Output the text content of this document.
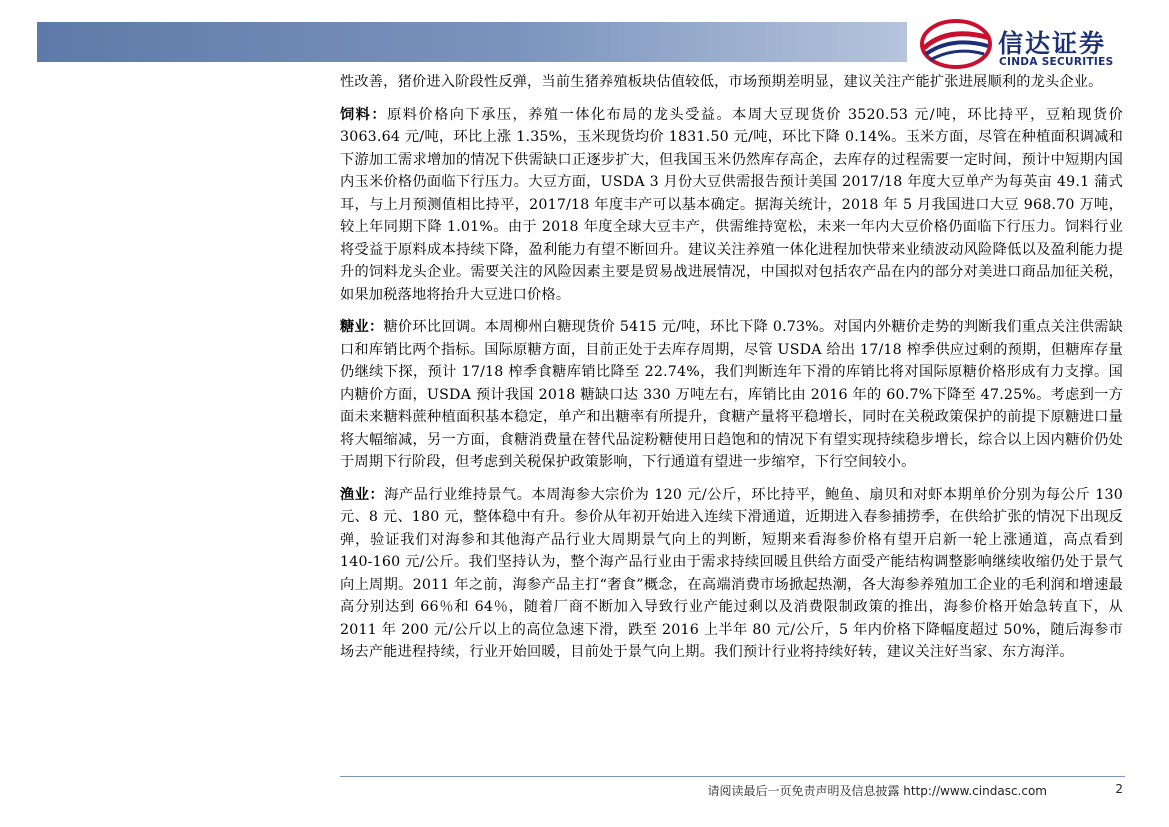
信达证券
CINDA SECURITIES

性改善，猪价进入阶段性反弹，当前生猪养殖板块估值较低，市场预期差明显，建议关注产能扩张进展顺利的龙头企业。

饲料：原料价格向下承压，养殖一体化布局的龙头受益。本周大豆现货价 3520.53 元/吨，环比持平，豆粕现货价 3063.64 元/吨，环比上涨 1.35%，玉米现货均价 1831.50 元/吨，环比下降 0.14%。玉米方面，尽管在种植面积调减和下游加工需求增加的情况下供需缺口正逐步扩大，但我国玉米仍然库存高企，去库存的过程需要一定时间，预计中短期内国内玉米价格仍面临下行压力。大豆方面，USDA 3 月份大豆供需报告预计美国 2017/18 年度大豆单产为每英亩 49.1 蒲式耳，与上月预测值相比持平，2017/18 年度丰产可以基本确定。据海关统计，2018 年 5 月我国进口大豆 968.70 万吨，较上年同期下降 1.01%。由于 2018 年度全球大豆丰产，供需维持宽松，未来一年内大豆价格仍面临下行压力。饲料行业将受益于原料成本持续下降，盈利能力有望不断回升。建议关注养殖一体化进程加快带来业绩波动风险降低以及盈利能力提升的饲料龙头企业。需要关注的风险因素主要是贸易战进展情况，中国拟对包括农产品在内的部分对美进口商品加征关税，如果加税落地将抬升大豆进口价格。

糖业：糖价环比回调。本周柳州白糖现货价 5415 元/吨，环比下降 0.73%。对国内外糖价走势的判断我们重点关注供需缺口和库销比两个指标。国际原糖方面，目前正处于去库存周期，尽管 USDA 给出 17/18 榨季供应过剩的预期，但糖库存量仍继续下探，预计 17/18 榨季食糖库销比降至 22.74%，我们判断连年下滑的库销比将对国际原糖价格形成有力支撑。国内糖价方面，USDA 预计我国 2018 糖缺口达 330 万吨左右，库销比由 2016 年的 60.7%下降至 47.25%。考虑到一方面未来糖料蔗种植面积基本稳定，单产和出糖率有所提升，食糖产量将平稳增长，同时在关税政策保护的前提下原糖进口量将大幅缩减，另一方面，食糖消费量在替代品淀粉糖使用日趋饱和的情况下有望实现持续稳步增长，综合以上因内糖价仍处于周期下行阶段，但考虑到关税保护政策影响，下行通道有望进一步缩窄，下行空间较小。

渔业：海产品行业维持景气。本周海参大宗价为 120 元/公斤，环比持平，鲍鱼、扇贝和对虾本期单价分别为每公斤 130 元、8 元、180 元，整体稳中有升。参价从年初开始进入连续下滑通道，近期进入春参捕捞季，在供给扩张的情况下出现反弹，验证我们对海参和其他海产品行业大周期景气向上的判断，短期来看海参价格有望开启新一轮上涨通道，高点看到 140-160 元/公斤。我们坚持认为，整个海产品行业由于需求持续回暖且供给方面受产能结构调整影响继续收缩仍处于景气向上周期。2011 年之前，海参产品主打“奢食”概念，在高端消费市场掀起热潮，各大海参养殖加工企业的毛利润和增速最高分别达到 66％和 64％，随着厂商不断加入导致行业产能过剩以及消费限制政策的推出，海参价格开始急转直下，从 2011 年 200 元/公斤以上的高位急速下滑，跌至 2016 上半年 80 元/公斤，5 年内价格下降幅度超过 50%，随后海参市场去产能进程持续，行业开始回暖，目前处于景气向上期。我们预计行业将持续好转，建议关注好当家、东方海洋。

请阅读最后一页免责声明及信息披露 http://www.cindasc.com	2
